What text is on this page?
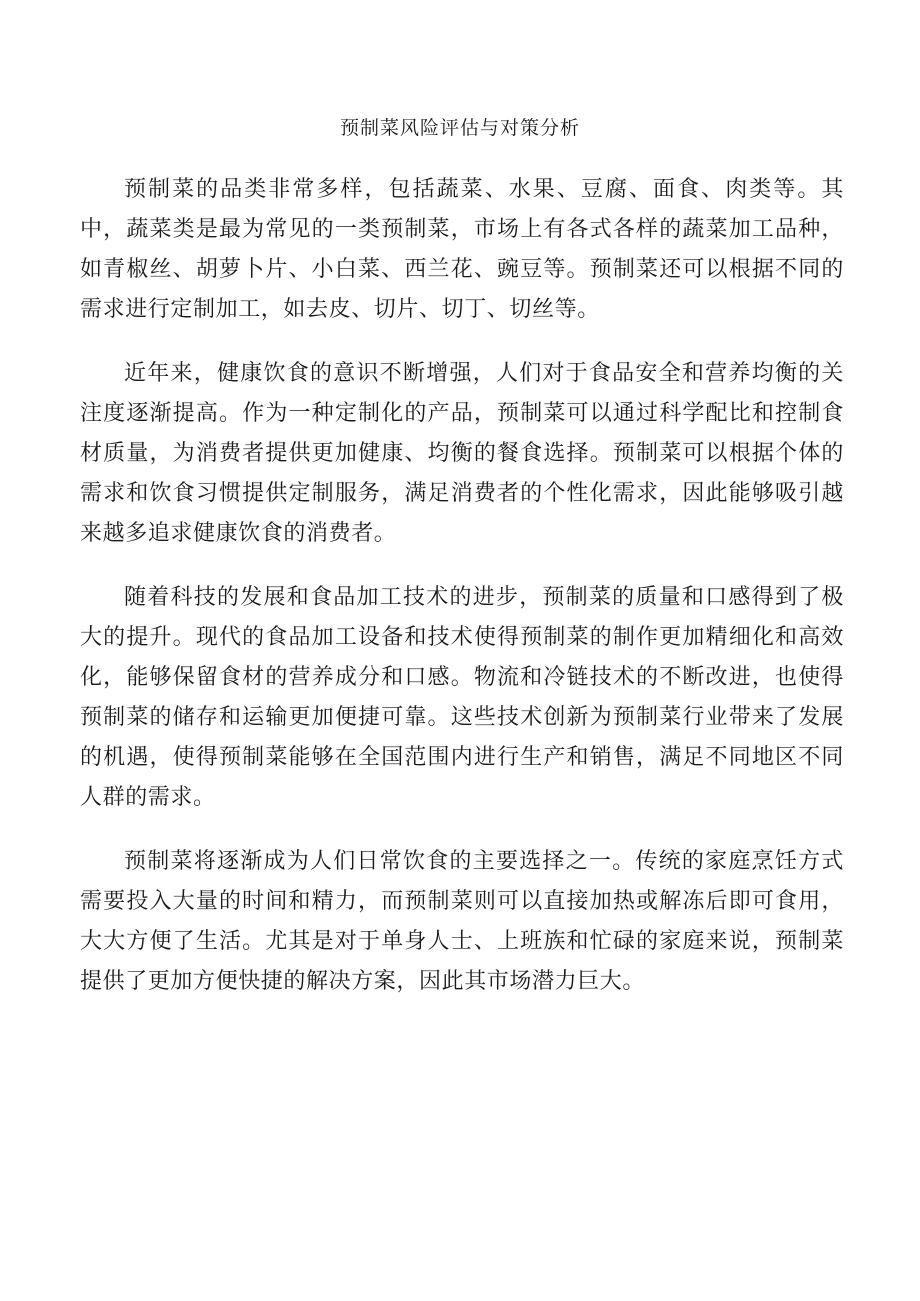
预制菜风险评估与对策分析

预制菜的品类非常多样，包括蔬菜、水果、豆腐、面食、肉类等。其中，蔬菜类是最为常见的一类预制菜，市场上有各式各样的蔬菜加工品种，如青椒丝、胡萝卜片、小白菜、西兰花、豌豆等。预制菜还可以根据不同的需求进行定制加工，如去皮、切片、切丁、切丝等。

近年来，健康饮食的意识不断增强，人们对于食品安全和营养均衡的关注度逐渐提高。作为一种定制化的产品，预制菜可以通过科学配比和控制食材质量，为消费者提供更加健康、均衡的餐食选择。预制菜可以根据个体的需求和饮食习惯提供定制服务，满足消费者的个性化需求，因此能够吸引越来越多追求健康饮食的消费者。

随着科技的发展和食品加工技术的进步，预制菜的质量和口感得到了极大的提升。现代的食品加工设备和技术使得预制菜的制作更加精细化和高效化，能够保留食材的营养成分和口感。物流和冷链技术的不断改进，也使得预制菜的储存和运输更加便捷可靠。这些技术创新为预制菜行业带来了发展的机遇，使得预制菜能够在全国范围内进行生产和销售，满足不同地区不同人群的需求。

预制菜将逐渐成为人们日常饮食的主要选择之一。传统的家庭烹饪方式需要投入大量的时间和精力，而预制菜则可以直接加热或解冻后即可食用，大大方便了生活。尤其是对于单身人士、上班族和忙碌的家庭来说，预制菜提供了更加方便快捷的解决方案，因此其市场潜力巨大。
